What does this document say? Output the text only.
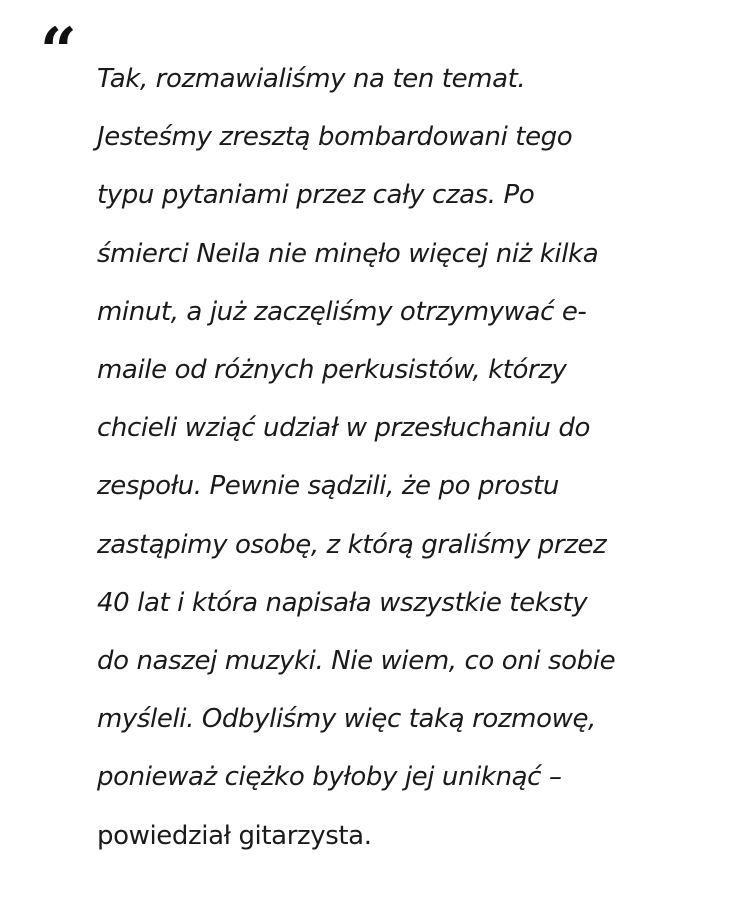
“ Tak, rozmawialiśmy na ten temat.
Jesteśmy zresztą bombardowani tego
typu pytaniami przez cały czas. Po
śmierci Neila nie minęło więcej niż kilka
minut, a już zaczęliśmy otrzymywać e-
maile od różnych perkusistów, którzy
chcieli wziąć udział w przesłuchaniu do
zespołu. Pewnie sądzili, że po prostu
zastąpimy osobę, z którą graliśmy przez
40 lat i która napisała wszystkie teksty
do naszej muzyki. Nie wiem, co oni sobie
myśleli. Odbyliśmy więc taką rozmowę,
ponieważ ciężko byłoby jej uniknąć –
powiedział gitarzysta.
